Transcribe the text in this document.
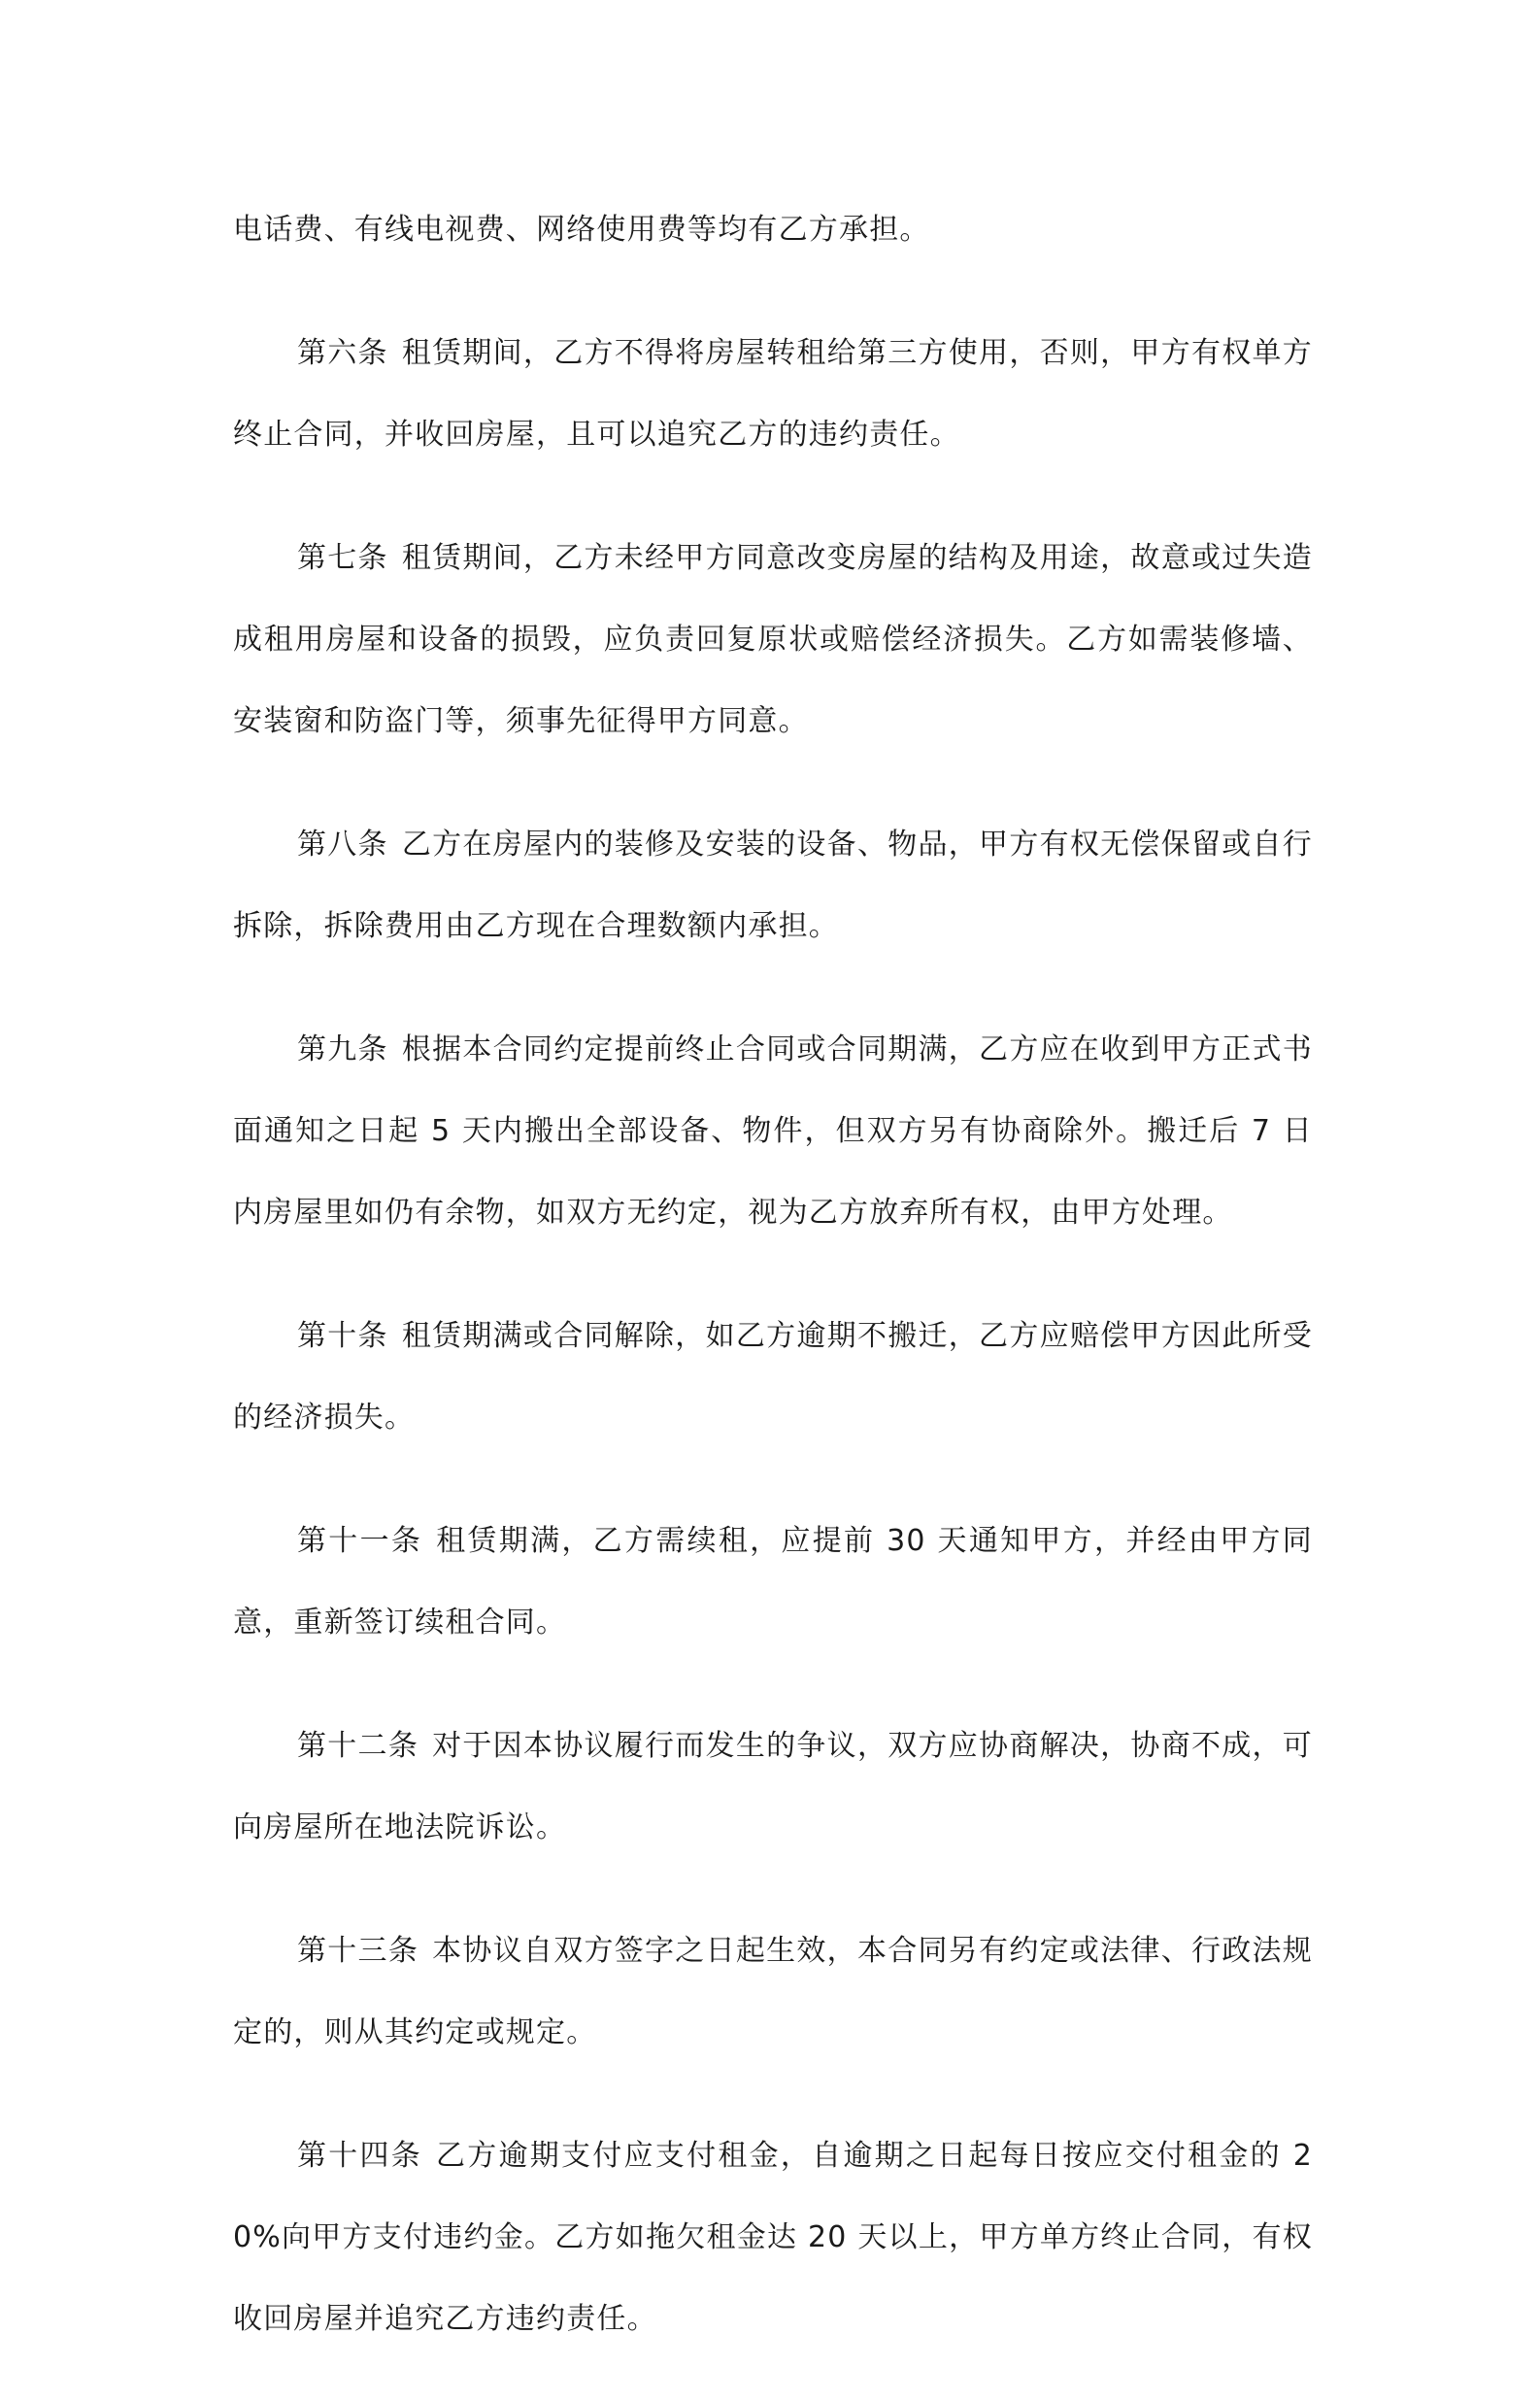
电话费、有线电视费、网络使用费等均有乙方承担。

第六条 租赁期间，乙方不得将房屋转租给第三方使用，否则，甲方有权单方终止合同，并收回房屋，且可以追究乙方的违约责任。

第七条 租赁期间，乙方未经甲方同意改变房屋的结构及用途，故意或过失造成租用房屋和设备的损毁，应负责回复原状或赔偿经济损失。乙方如需装修墙、安装窗和防盗门等，须事先征得甲方同意。

第八条 乙方在房屋内的装修及安装的设备、物品，甲方有权无偿保留或自行拆除，拆除费用由乙方现在合理数额内承担。

第九条 根据本合同约定提前终止合同或合同期满，乙方应在收到甲方正式书面通知之日起 5 天内搬出全部设备、物件，但双方另有协商除外。搬迁后 7 日内房屋里如仍有余物，如双方无约定，视为乙方放弃所有权，由甲方处理。

第十条 租赁期满或合同解除，如乙方逾期不搬迁，乙方应赔偿甲方因此所受的经济损失。

第十一条 租赁期满，乙方需续租，应提前 30 天通知甲方，并经由甲方同意，重新签订续租合同。

第十二条 对于因本协议履行而发生的争议，双方应协商解决，协商不成，可向房屋所在地法院诉讼。

第十三条 本协议自双方签字之日起生效，本合同另有约定或法律、行政法规定的，则从其约定或规定。

第十四条 乙方逾期支付应支付租金，自逾期之日起每日按应交付租金的 20%向甲方支付违约金。乙方如拖欠租金达 20 天以上，甲方单方终止合同，有权收回房屋并追究乙方违约责任。
